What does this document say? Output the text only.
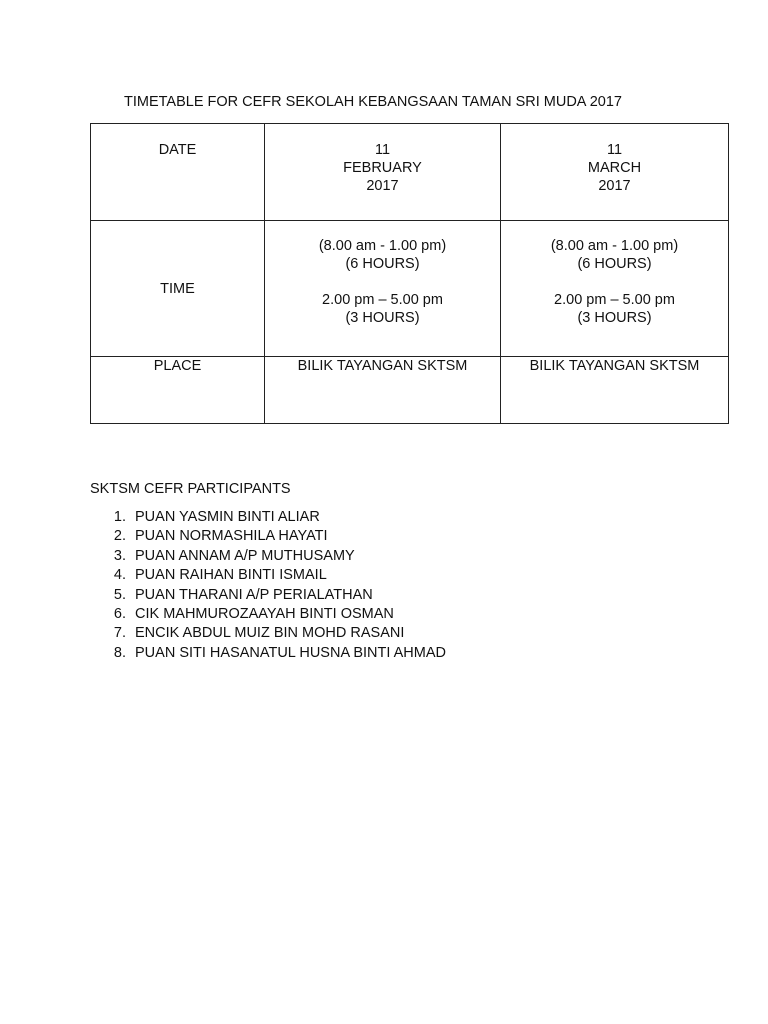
TIMETABLE FOR CEFR SEKOLAH KEBANGSAAN TAMAN SRI MUDA 2017
DATE	11
FEBRUARY
2017	11
MARCH
2017

TIME	(8.00 am - 1.00 pm)
(6 HOURS)
2.00 pm – 5.00 pm
(3 HOURS)	(8.00 am - 1.00 pm)
(6 HOURS)
2.00 pm – 5.00 pm
(3 HOURS)

PLACE	BILIK TAYANGAN SKTSM	BILIK TAYANGAN SKTSM
SKTSM CEFR PARTICIPANTS
1. PUAN YASMIN BINTI ALIAR
2. PUAN NORMASHILA HAYATI
3. PUAN ANNAM A/P MUTHUSAMY
4. PUAN RAIHAN BINTI ISMAIL
5. PUAN THARANI A/P PERIALATHAN
6. CIK MAHMUROZAAYAH BINTI OSMAN
7. ENCIK ABDUL MUIZ BIN MOHD RASANI
8. PUAN SITI HASANATUL HUSNA BINTI AHMAD
